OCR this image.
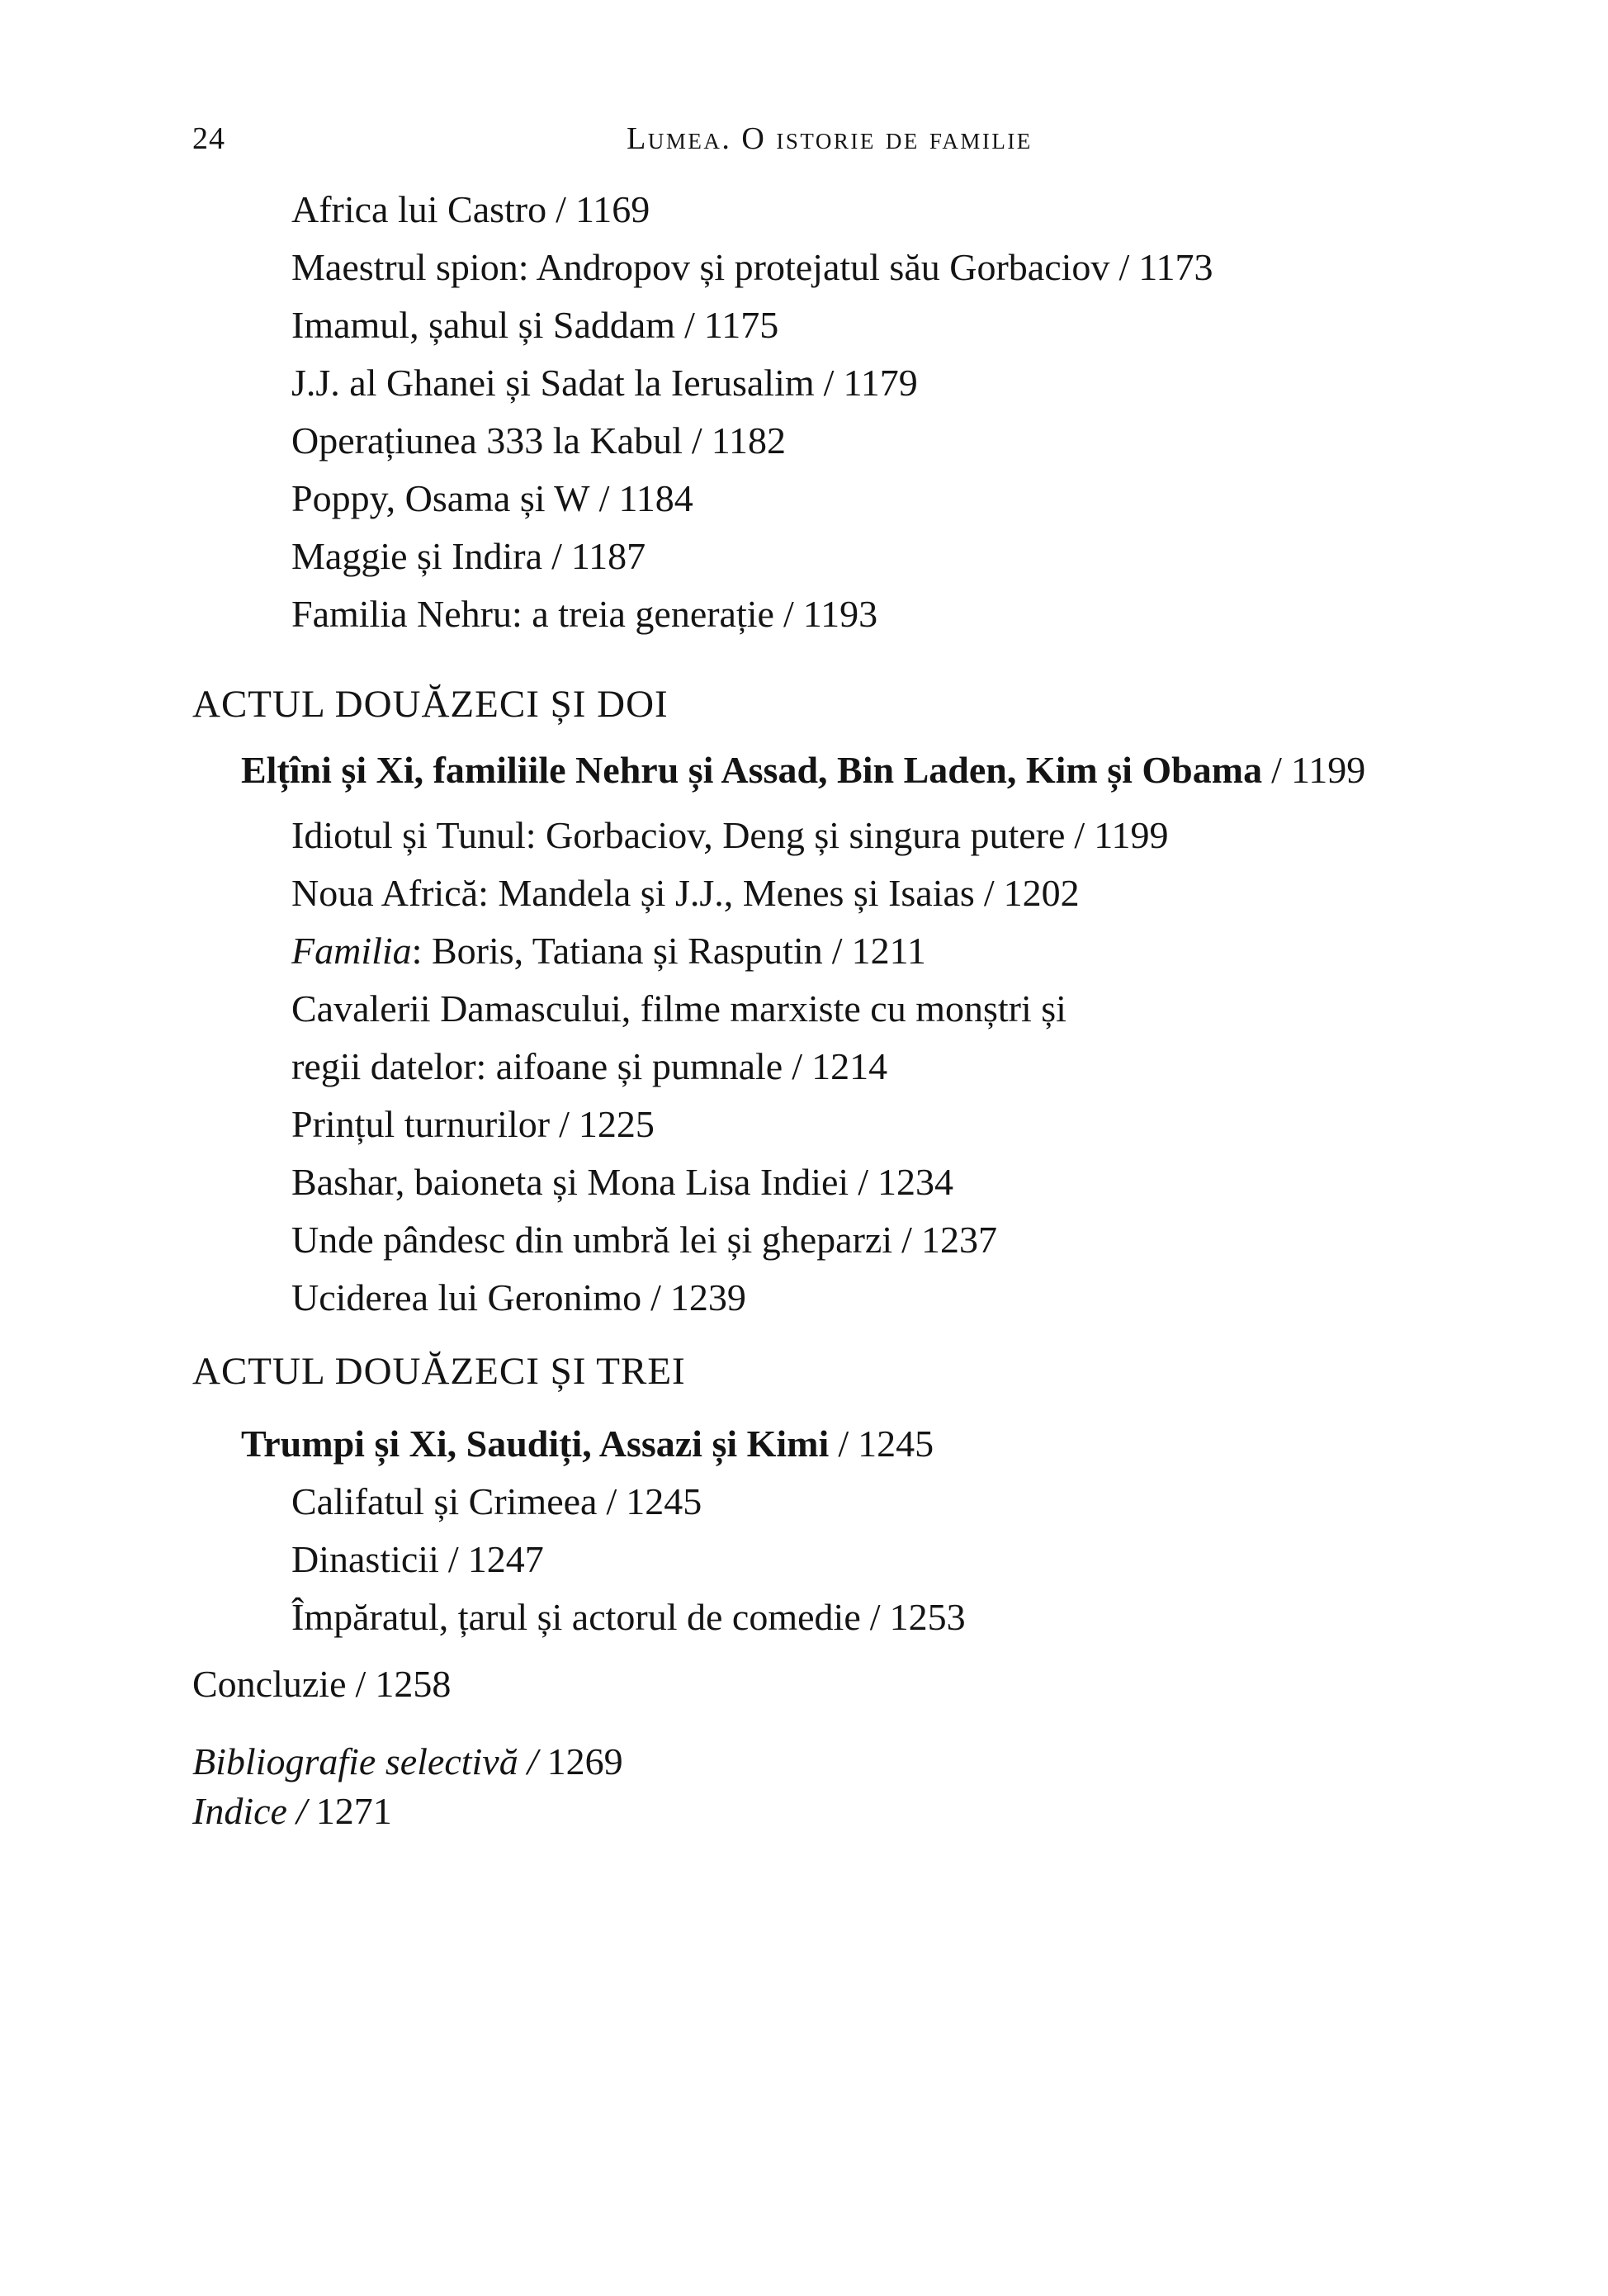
24	Lumea. O istorie de familie
Africa lui Castro / 1169
Maestrul spion: Andropov și protejatul său Gorbaciov / 1173
Imamul, șahul și Saddam / 1175
J.J. al Ghanei și Sadat la Ierusalim / 1179
Operațiunea 333 la Kabul / 1182
Poppy, Osama și W / 1184
Maggie și Indira / 1187
Familia Nehru: a treia generație / 1193
ACTUL DOUĂZECI ȘI DOI
Elțîni și Xi, familiile Nehru și Assad, Bin Laden, Kim și Obama / 1199
Idiotul și Tunul: Gorbaciov, Deng și singura putere / 1199
Noua Africă: Mandela și J.J., Menes și Isaias / 1202
Familia: Boris, Tatiana și Rasputin / 1211
Cavalerii Damascului, filme marxiste cu monștri și
regii datelor: aifoane și pumnale / 1214
Prințul turnurilor / 1225
Bashar, baioneta și Mona Lisa Indiei / 1234
Unde pândesc din umbră lei și gheparzi / 1237
Uciderea lui Geronimo / 1239
ACTUL DOUĂZECI ȘI TREI
Trumpi și Xi, Saudiți, Assazi și Kimi / 1245
Califatul și Crimeea / 1245
Dinasticii / 1247
Împăratul, țarul și actorul de comedie / 1253
Concluzie / 1258
Bibliografie selectivă / 1269
Indice / 1271
